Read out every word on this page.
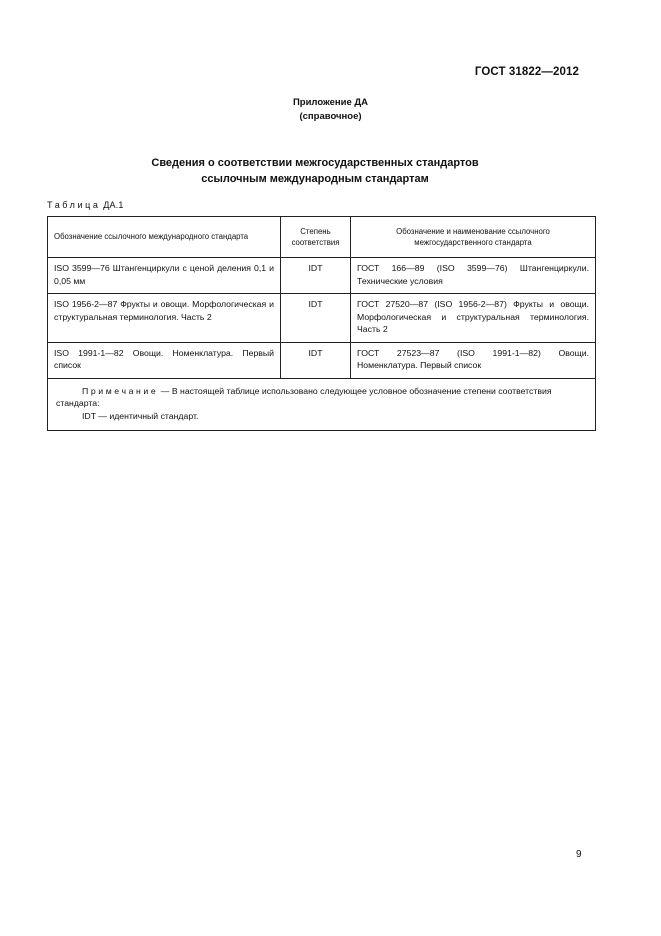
ГОСТ 31822—2012
Приложение ДА
(справочное)
Сведения о соответствии межгосударственных стандартов
ссылочным международным стандартам
Таблица ДА.1
Обозначение ссылочного международного стандарта	Степень соответствия	Обозначение и наименование ссылочного межгосударственного стандарта
ISO 3599—76 Штангенциркули с ценой деления 0,1 и 0,05 мм	IDT	ГОСТ 166—89 (ISO 3599—76) Штангенциркули. Технические условия
ISO 1956-2—87 Фрукты и овощи. Морфологическая и структуральная терминология. Часть 2	IDT	ГОСТ 27520—87 (ISO 1956-2—87) Фрукты и овощи. Морфологическая и структуральная терминология. Часть 2
ISO 1991-1—82 Овощи. Номенклатура. Первый список	IDT	ГОСТ 27523—87 (ISO 1991-1—82) Овощи. Номенклатура. Первый список

Примечание — В настоящей таблице использовано следующее условное обозначение степени соответствия стандарта:
IDT — идентичный стандарт.		
9
